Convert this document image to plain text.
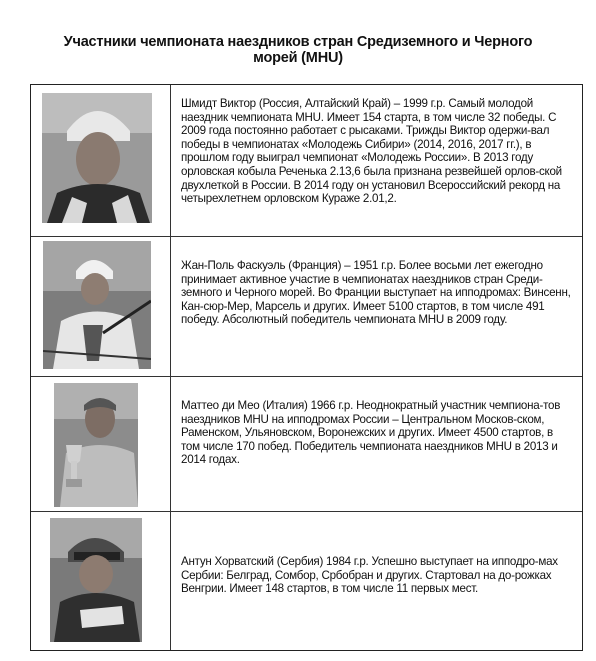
Участники чемпионата наездников стран Средиземного и Черного
морей (МНU)
Шмидт Виктор (Россия, Алтайский Край) – 1999 г.р. Самый молодой наездник чемпионата МНU. Имеет 154 старта, в том числе 32 победы. С 2009 года постоянно работает с рысаками. Трижды Виктор одержи-вал победы в чемпионатах «Молодежь Сибири» (2014, 2016, 2017 гг.), в прошлом году выиграл чемпионат «Молодежь России». В 2013 году орловская кобыла Реченька 2.13,6 была признана резвейшей орлов-ской двухлеткой в России. В 2014 году он установил Всероссийский рекорд на четырехлетнем орловском Кураже 2.01,2.
Жан-Поль Фаскуэль (Франция) – 1951 г.р. Более восьми лет ежегодно принимает активное участие в чемпионатах наездников стран Среди-земного и Черного морей. Во Франции выступает на ипподромах: Винсенн, Кан-сюр-Мер, Марсель и других. Имеет 5100 стартов, в том числе 491 победу. Абсолютный победитель чемпионата МНU в 2009 году.
Маттео ди Мео (Италия) 1966 г.р. Неоднократный участник чемпиона-тов наездников МНU на ипподромах России – Центральном Москов-ском, Раменском, Ульяновском, Воронежских и других. Имеет 4500 стартов, в том числе 170 побед. Победитель чемпионата наездников МНU в 2013 и 2014 годах.
Антун Хорватский (Сербия) 1984 г.р. Успешно выступает на ипподро-мах Сербии: Белград, Сомбор, Србобран и других. Стартовал на до-рожках Венгрии. Имеет 148 стартов, в том числе 11 первых мест.
